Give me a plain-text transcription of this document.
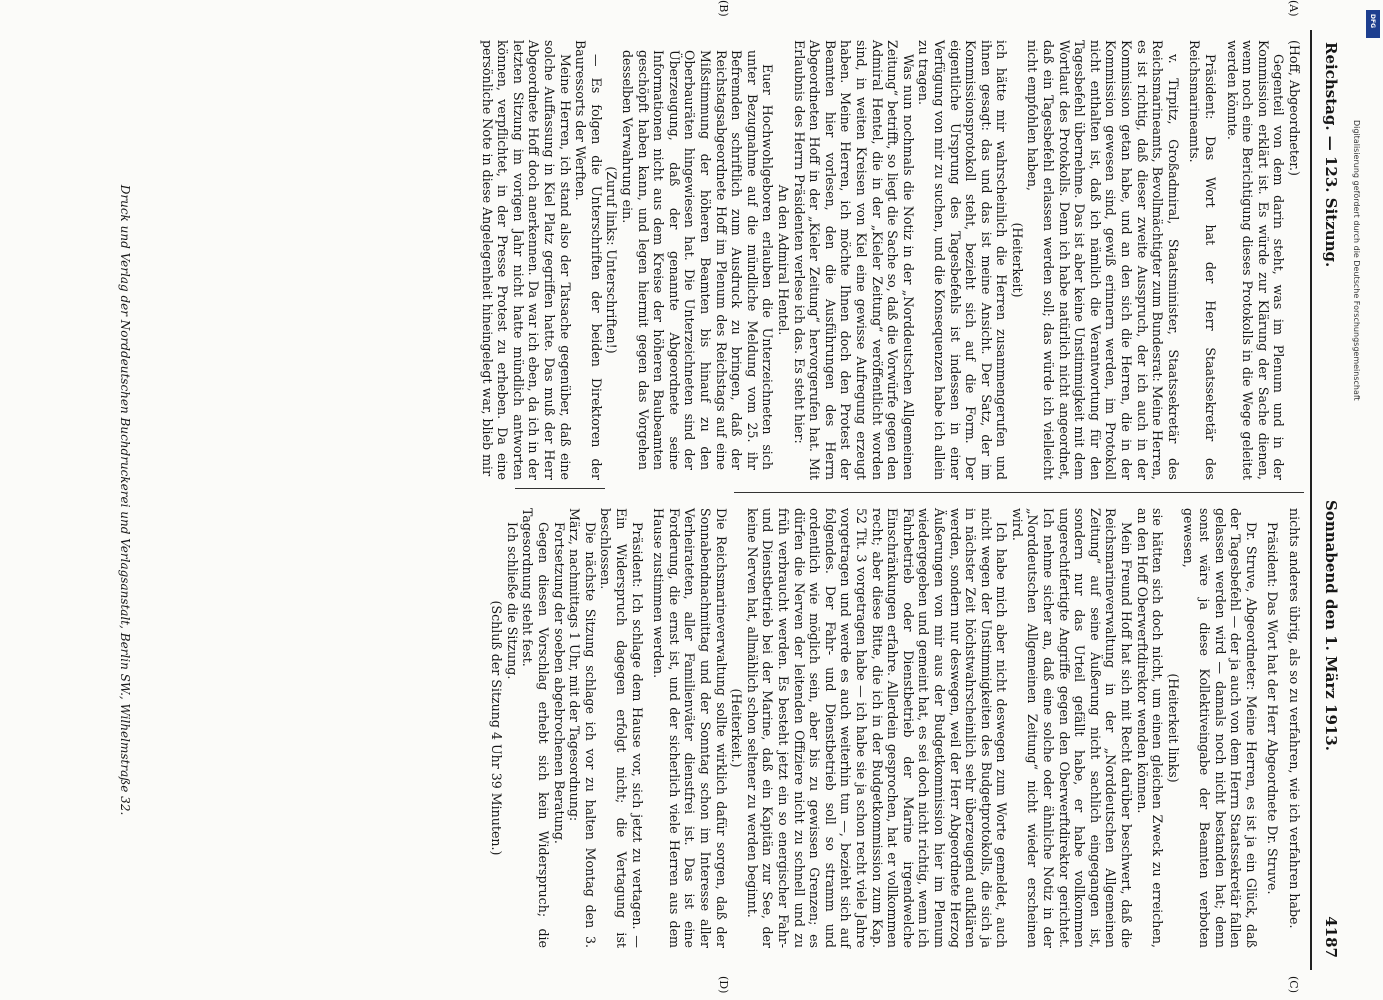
Reichstag. — 123. Sitzung.
Sonnabend den 1. März 1913.
4187
(A)
(B)
(C)
(D)

(Hoff, Abgeordneter.)

Gegenteil von dem darin steht, was im Plenum und in der Kommission erklärt ist. Es würde zur Klärung der Sache dienen, wenn noch eine Berichtigung dieses Protokolls in die Wege geleitet werden könnte.

Präsident: Das Wort hat der Herr Staatssekretär des Reichsmarineamts.

v. Tirpitz, Großadmiral, Staatsminister, Staatssekretär des Reichsmarineamts, Bevollmächtigter zum Bundesrat: Meine Herren, es ist richtig, daß dieser zweite Ausspruch, der ich auch in der Kommission getan habe, und an den sich die Herren, die in der Kommission gewesen sind, gewiß erinnern werden, im Protokoll nicht enthalten ist, daß ich nämlich die Verantwortung für den Tagesbefehl übernehme. Das ist aber keine Unstimmigkeit mit dem Wortlaut des Protokolls. Denn ich habe natürlich nicht angeordnet, daß ein Tagesbefehl erlassen werden soll; das würde ich vielleicht nicht empfohlen haben,

(Heiterkeit)

ich hätte mir wahrscheinlich die Herren zusammengerufen und ihnen gesagt: das und das ist meine Ansicht. Der Satz, der im Kommissionsprotokoll steht, bezieht sich auf die Form. Der eigentliche Ursprung des Tagesbefehls ist indessen in einer Verfügung von mir zu suchen, und die Konsequenzen habe ich allein zu tragen.

Was nun nochmals die Notiz in der „Norddeutschen Allgemeinen Zeitung“ betrifft, so liegt die Sache so, daß die Vorwürfe gegen den Admiral Hentel, die in der „Kieler Zeitung“ veröffentlicht worden sind, in weiten Kreisen von Kiel eine gewisse Aufregung erzeugt haben. Meine Herren, ich möchte Ihnen doch den Protest der Beamten hier vorlesen, den die Ausführungen des Herrn Abgeordneten Hoff in der „Kieler Zeitung“ hervorgerufen hat. Mit Erlaubnis des Herrn Präsidenten verlese ich das. Es steht hier:

An den Admiral Hentel.

Euer Hochwohlgeboren erlauben die Unterzeichneten sich unter Bezugnahme auf die mündliche Meldung vom 25. ihr Befremden schriftlich zum Ausdruck zu bringen, daß der Reichstagsabgeordnete Hoff im Plenum des Reichstags auf eine Mißstimmung der höheren Beamten bis hinauf zu den Oberbauräten hingewiesen hat. Die Unterzeichneten sind der Überzeugung, daß der genannte Abgeordnete seine Informationen nicht aus dem Kreise der höheren Baubeamten geschöpft haben kann, und legen hiermit gegen das Vorgehen desselben Verwahrung ein.

(Zuruf links: Unterschriften!)

— Es folgen die Unterschriften der beiden Direktoren der Bauressorts der Werften.

Meine Herren, ich stand also der Tatsache gegenüber, daß eine solche Auffassung in Kiel Platz gegriffen hatte. Das muß der Herr Abgeordnete Hoff doch anerkennen. Da war ich eben, da ich in der letzten Sitzung im vorigen Jahr nicht hatte mündlich antworten können, verpflichtet, in der Presse Protest zu erheben. Da eine persönliche Note in diese Angelegenheit hineingelegt war, blieb mir

nichts anderes übrig, als so zu verfahren, wie ich verfahren habe.

Präsident: Das Wort hat der Herr Abgeordnete Dr. Struve.

Dr. Struve, Abgeordneter: Meine Herren, es ist ja ein Glück, daß der Tagesbefehl — der ja auch von dem Herrn Staatssekretär fallen gelassen werden wird — damals noch nicht bestanden hat; denn sonst wäre ja diese Kollektiveingabe der Beamten verboten gewesen,

(Heiterkeit links)

sie hätten sich doch nicht, um einen gleichen Zweck zu erreichen, an den Hoff Oberwerftdirektor wenden können.

Mein Freund Hoff hat sich mit Recht darüber beschwert, daß die Reichsmarineverwaltung in der „Norddeutschen Allgemeinen Zeitung“ auf seine Äußerung nicht sachlich eingegangen ist, sondern nur das Urteil gefällt habe, er habe vollkommen ungerechtfertigte Angriffe gegen den Oberwerftdirektor gerichtet. Ich nehme sicher an, daß eine solche oder ähnliche Notiz in der „Norddeutschen Allgemeinen Zeitung“ nicht wieder erscheinen wird.

Ich habe mich aber nicht deswegen zum Worte gemeldet, auch nicht wegen der Unstimmigkeiten des Budgetprotokolls, die sich ja in nächster Zeit höchstwahrscheinlich sehr überzeugend aufklären werden, sondern nur deswegen, weil der Herr Abgeordnete Herzog Äußerungen von mir aus der Budgetkommission hier im Plenum wiedergegeben und gemeint hat, es sei doch nicht richtig, wenn ich Fahrbetrieb oder Dienstbetrieb der Marine irgendwelche Einschränkungen erfahre. Allerdein gesprochen, hat er vollkommen recht; aber diese Bitte, die ich in der Budgetkommission zum Kap. 52 Tit. 3 vorgetragen habe — ich habe sie ja schon recht viele Jahre vorgetragen und werde es auch weiterhin tun —, bezieht sich auf folgendes. Der Fahr- und Dienstbetrieb soll so stramm und ordentlich wie möglich sein, aber bis zu gewissen Grenzen; es dürfen die Nerven der leitenden Offiziere nicht zu schnell und zu früh verbraucht werden. Es besteht jetzt ein so energischer Fahr- und Dienstbetrieb bei der Marine, daß ein Kapitän zur See, der keine Nerven hat, allmählich schon seltener zu werden beginnt.

(Heiterkeit.)

Die Reichsmarineverwaltung sollte wirklich dafür sorgen, daß der Sonnabendnachmittag und der Sonntag schon im Interesse aller Verheirateten, aller Familienväter dienstfrei ist. Das ist eine Forderung, die ernst ist, und der sicherlich viele Herren aus dem Hause zustimmen werden.

Präsident: Ich schlage dem Hause vor, sich jetzt zu vertagen. — Ein Widerspruch dagegen erfolgt nicht; die Vertagung ist beschlossen.

Die nächste Sitzung schlage ich vor zu halten Montag den 3. März, nachmittags 1 Uhr, mit der Tagesordnung:

Fortsetzung der soeben abgebrochenen Beratung.

Gegen diesen Vorschlag erhebt sich kein Widerspruch; die Tagesordnung steht fest.

Ich schließe die Sitzung.

(Schluß der Sitzung 4 Uhr 39 Minuten.)

Druck und Verlag der Norddeutschen Buchdruckerei und Verlagsanstalt, Berlin SW., Wilhelmstraße 32.	Digitalisierung gefördert durch die Deutsche Forschungsgemeinschaft
DFG
